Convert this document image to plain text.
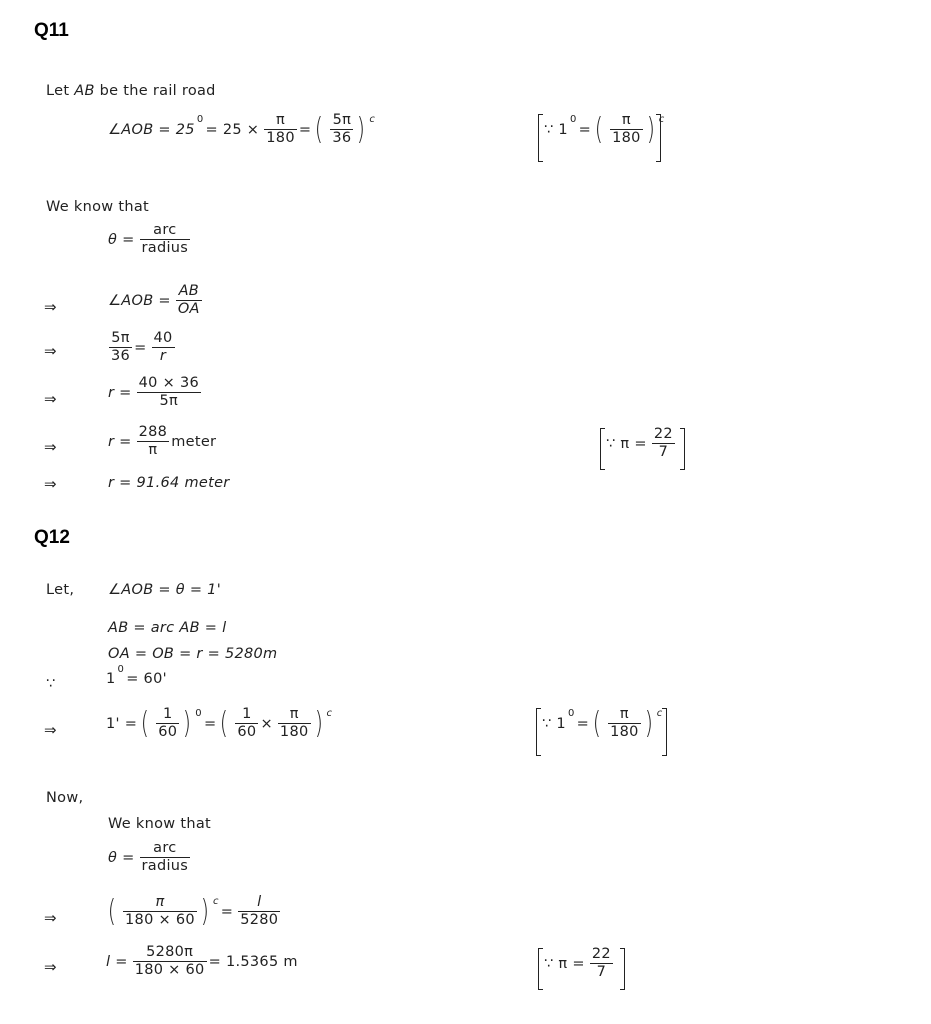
Q11
Let AB be the rail road
∠AOB = 25
0
= $25 \times \frac{\pi}{180}$ = ( $\frac{5\pi}{36}$ ) c
∵ 1
0
= ( $\frac{\pi}{180}$ ) c
We know that
$\theta = \frac{\text{arc}}{\text{radius}}$
⇒	∠AOB = $\frac{AB}{OA}$
⇒	$\frac{5\pi}{36} = \frac{40}{r}$
⇒	$r = \frac{40 \times 36}{5\pi}$
⇒	$r = \frac{288}{\pi}$ meter	∵ $\pi = \frac{22}{7}$
⇒	r = 91.64 meter
Q12
Let, ∠AOB = θ = 1'
AB = arc AB = l
OA = OB = r = 5280m
∵	1
0
= 60'
⇒	1' = ( $\frac{1}{60}$ ) 0
= ( $\frac{1}{60} \times \frac{\pi}{180}$ ) c
∵ 1
0
= ( $\frac{\pi}{180}$ ) c
Now,
We know that
$\theta = \frac{\text{arc}}{\text{radius}}$
⇒ ( $\frac{\pi}{180 \times 60}$ ) c
= $\frac{l}{5280}$
⇒	$l = \frac{5280\pi}{180 \times 60} = 1.5365$ m	∵ $\pi = \frac{22}{7}$
